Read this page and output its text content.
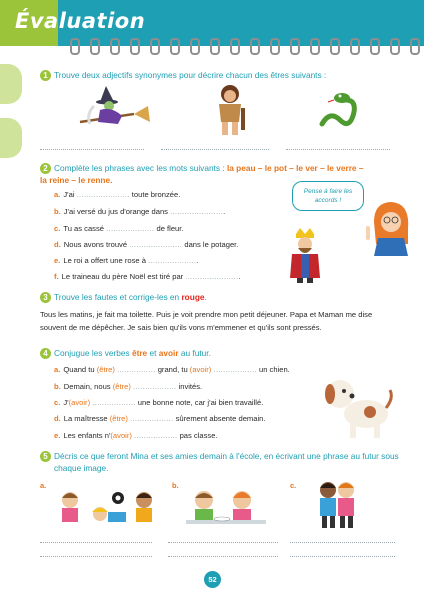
Évaluation
1 Trouve deux adjectifs synonymes pour décrire chacun des êtres suivants :
2 Complète les phrases avec les mots suivants : la peau – le pot – le ver – le verre –
la reine – le renne.
a. J'ai ...................... toute bronzée.
b. J'ai versé du jus d'orange dans .......................
c. Tu as cassé .................... de fleur.
d. Nous avons trouvé ...................... dans le potager.
e. Le roi a offert une rose à .....................
f. Le traineau du père Noël est tiré par .......................
Pense à faire les accords !
3 Trouve les fautes et corrige-les en rouge.
Tous les matins, je fait ma toilette. Puis je voit prendre mon petit déjeuner. Papa et Maman me dise souvent de me dépêcher. Je sais bien qu'ils vons m'emmener et qu'ils sont pressés.
4 Conjugue les verbes être et avoir au futur.
a. Quand tu (être) ................ grand, tu (avoir) .................. un chien.
b. Demain, nous (être) .................. invités.
c. J'(avoir) .................. une bonne note, car j'ai bien travaillé.
d. La maîtresse (être) .................. sûrement absente demain.
e. Les enfants n'(avoir) .................. pas classe.
5 Décris ce que feront Mina et ses amies demain à l'école, en écrivant une phrase au futur sous
chaque image.
a.	b.	c.
52
